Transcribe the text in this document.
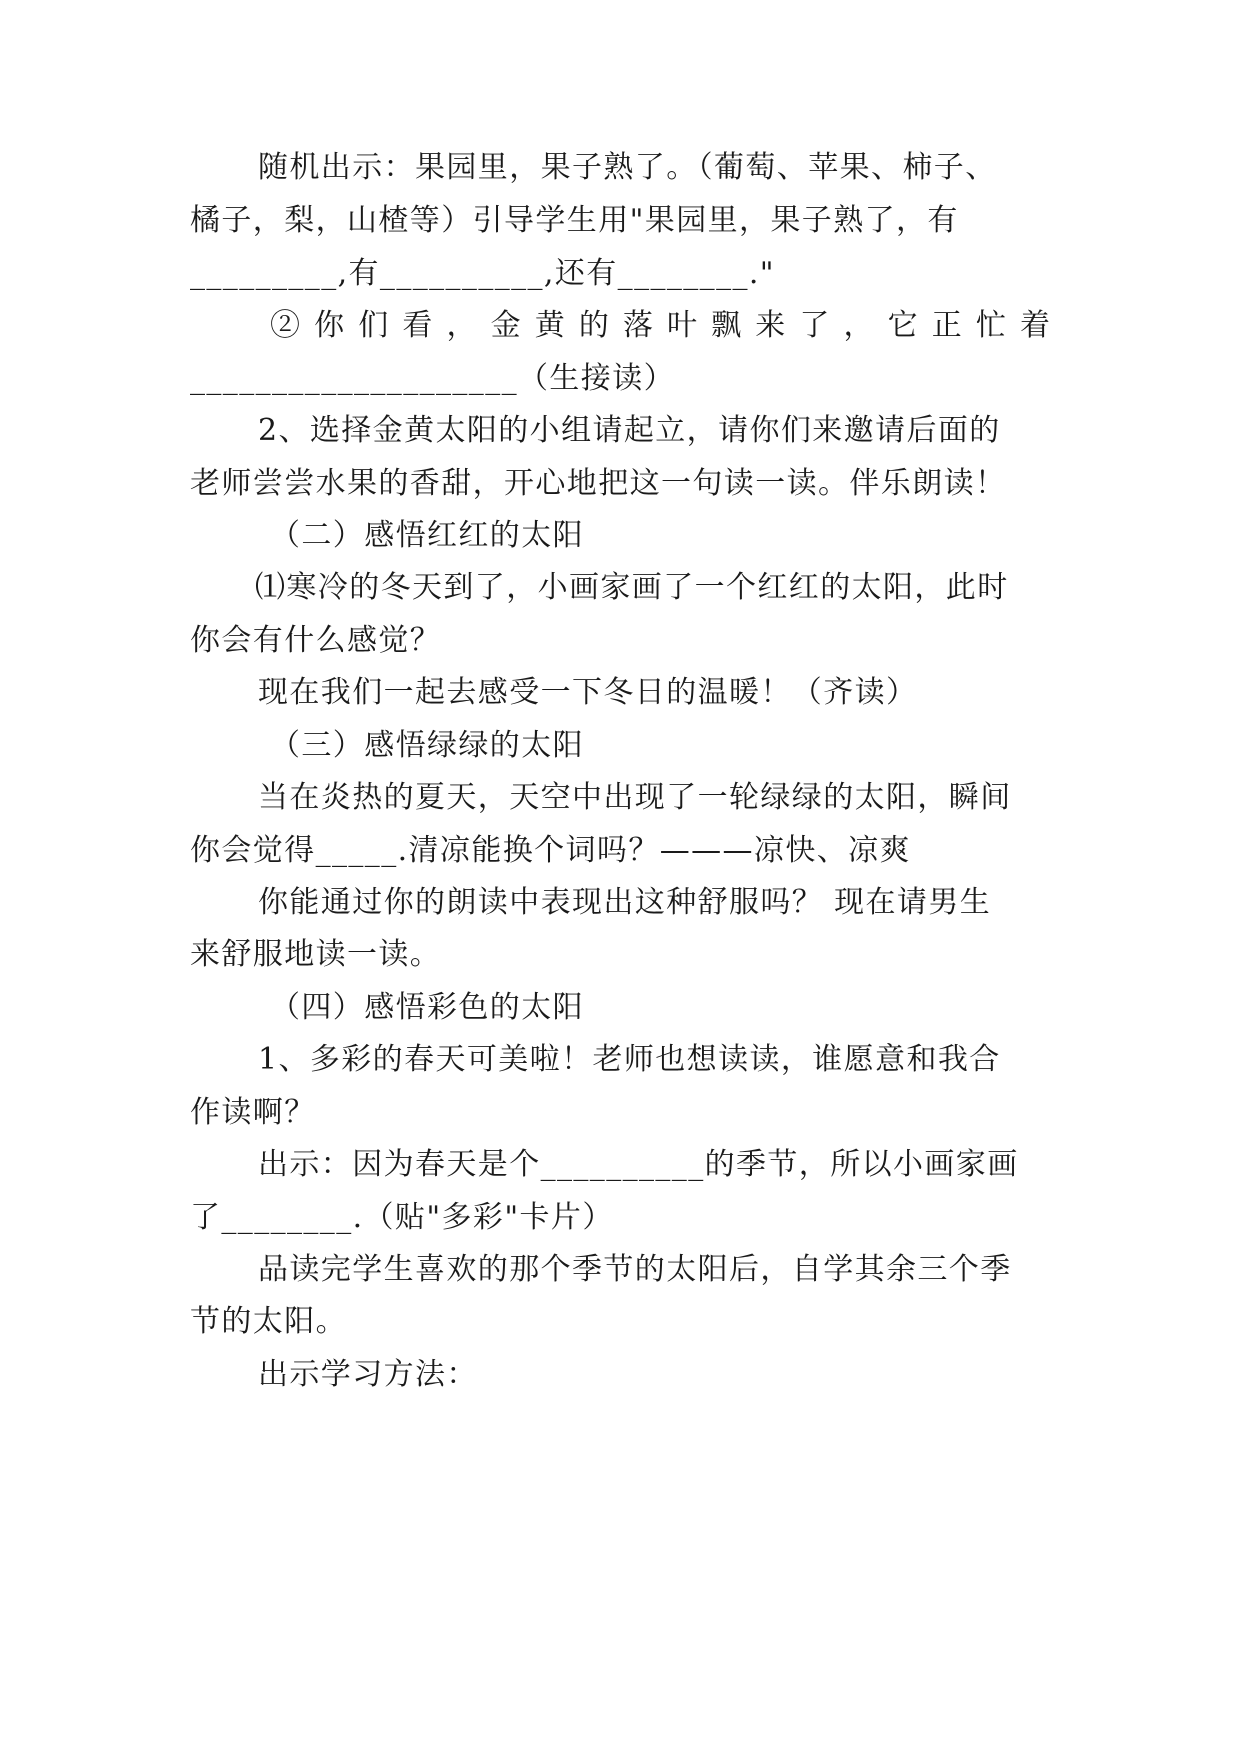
随机出示：果园里，果子熟了。（葡萄、苹果、柿子、
橘子，梨，山楂等）引导学生用"果园里，果子熟了，有
_________,有__________,还有________."
②你们看，金黄的落叶飘来了，它正忙着
____________________（生接读）
2、选择金黄太阳的小组请起立，请你们来邀请后面的
老师尝尝水果的香甜，开心地把这一句读一读。伴乐朗读！
（二）感悟红红的太阳
⑴寒冷的冬天到了，小画家画了一个红红的太阳，此时
你会有什么感觉？
现在我们一起去感受一下冬日的温暖！（齐读）
（三）感悟绿绿的太阳
当在炎热的夏天，天空中出现了一轮绿绿的太阳，瞬间
你会觉得_____.清凉能换个词吗？———凉快、凉爽
你能通过你的朗读中表现出这种舒服吗？ 现在请男生
来舒服地读一读。
（四）感悟彩色的太阳
1、多彩的春天可美啦！老师也想读读，谁愿意和我合
作读啊？
出示：因为春天是个__________的季节，所以小画家画
了________.（贴"多彩"卡片）
品读完学生喜欢的那个季节的太阳后，自学其余三个季
节的太阳。
出示学习方法：
